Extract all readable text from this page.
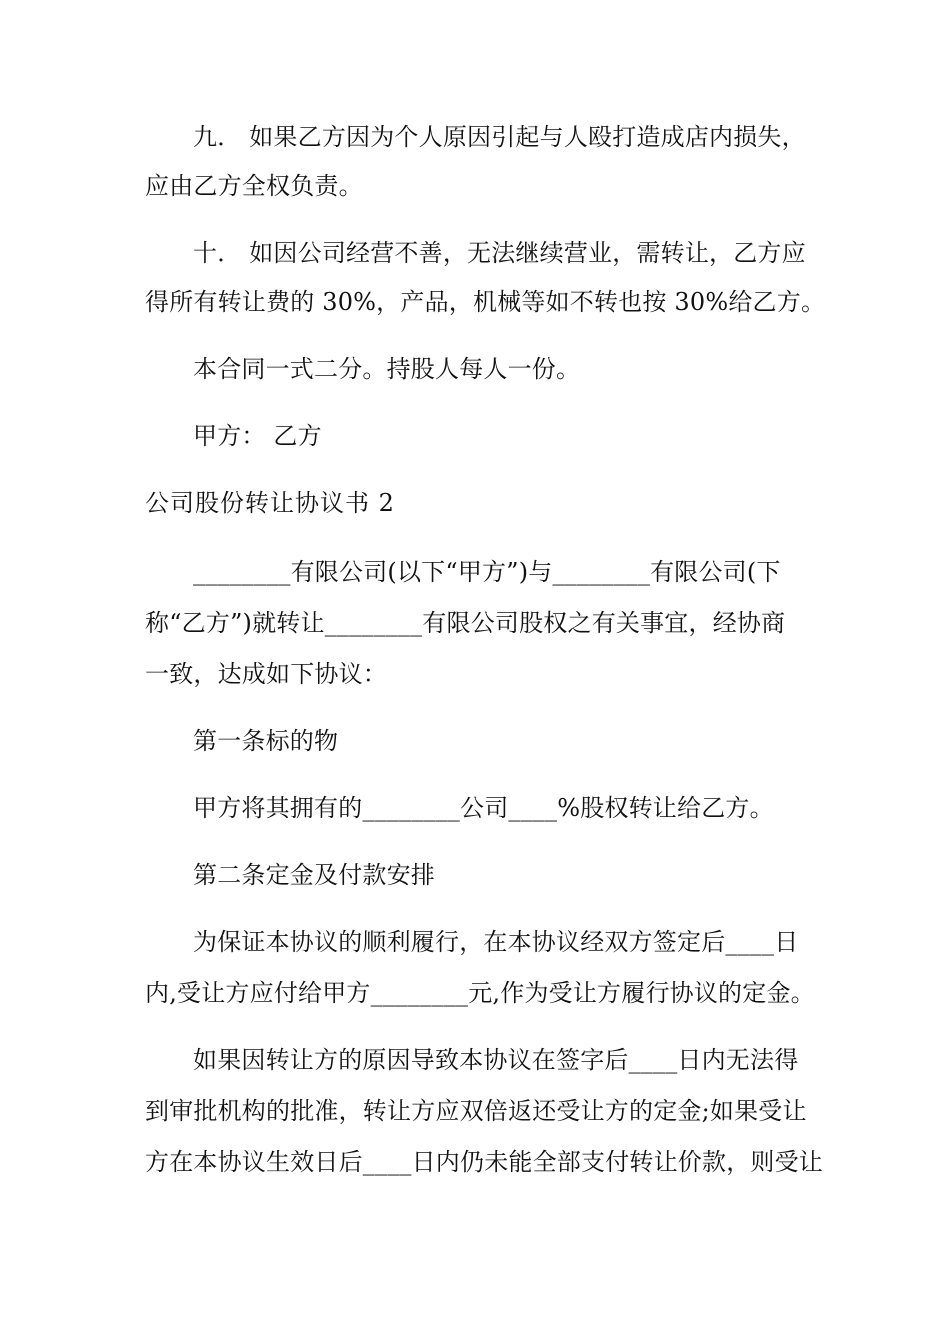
九． 如果乙方因为个人原因引起与人殴打造成店内损失，
应由乙方全权负责。
十． 如因公司经营不善，无法继续营业，需转让，乙方应
得所有转让费的 30%，产品，机械等如不转也按 30%给乙方。
本合同一式二分。持股人每人一份。
甲方： 乙方
公司股份转让协议书 2
________有限公司(以下“甲方”)与________有限公司(下
称“乙方”)就转让________有限公司股权之有关事宜，经协商
一致，达成如下协议：
第一条标的物
甲方将其拥有的________公司____%股权转让给乙方。
第二条定金及付款安排
为保证本协议的顺利履行，在本协议经双方签定后____日
内,受让方应付给甲方________元,作为受让方履行协议的定金。
如果因转让方的原因导致本协议在签字后____日内无法得
到审批机构的批准，转让方应双倍返还受让方的定金;如果受让
方在本协议生效日后____日内仍未能全部支付转让价款，则受让
